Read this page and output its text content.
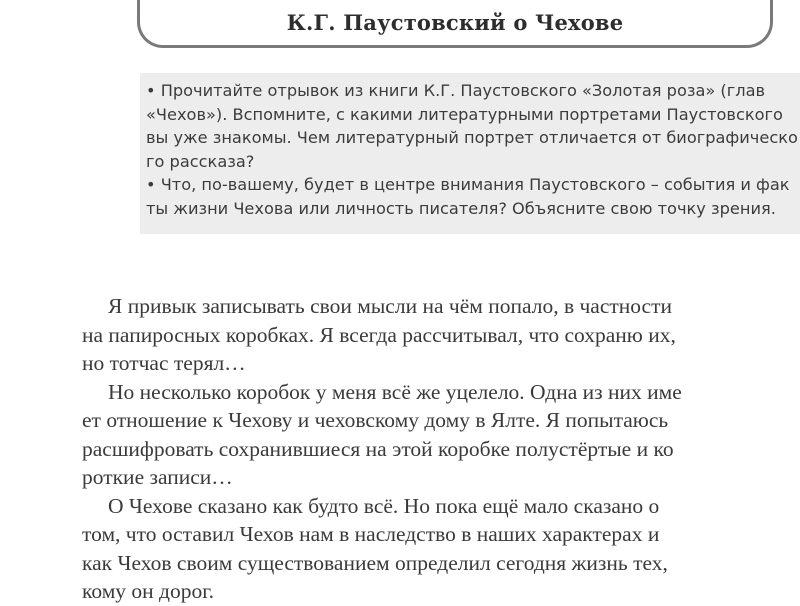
К.Г. Паустовский о Чехове
• Прочитайте отрывок из книги К.Г. Паустовского «Золотая роза» (глав
«Чехов»). Вспомните, с какими литературными портретами Паустовского
вы уже знакомы. Чем литературный портрет отличается от биографическо
го рассказа?
• Что, по-вашему, будет в центре внимания Паустовского – события и фак
ты жизни Чехова или личность писателя? Объясните свою точку зрения.
Я привык записывать свои мысли на чём попало, в частности
на папиросных коробках. Я всегда рассчитывал, что сохраню их,
но тотчас терял…
Но несколько коробок у меня всё же уцелело. Одна из них име
ет отношение к Чехову и чеховскому дому в Ялте. Я попытаюсь
расшифровать сохранившиеся на этой коробке полустёртые и ко
роткие записи…
О Чехове сказано как будто всё. Но пока ещё мало сказано о
том, что оставил Чехов нам в наследство в наших характерах и
как Чехов своим существованием определил сегодня жизнь тех,
кому он дорог.
